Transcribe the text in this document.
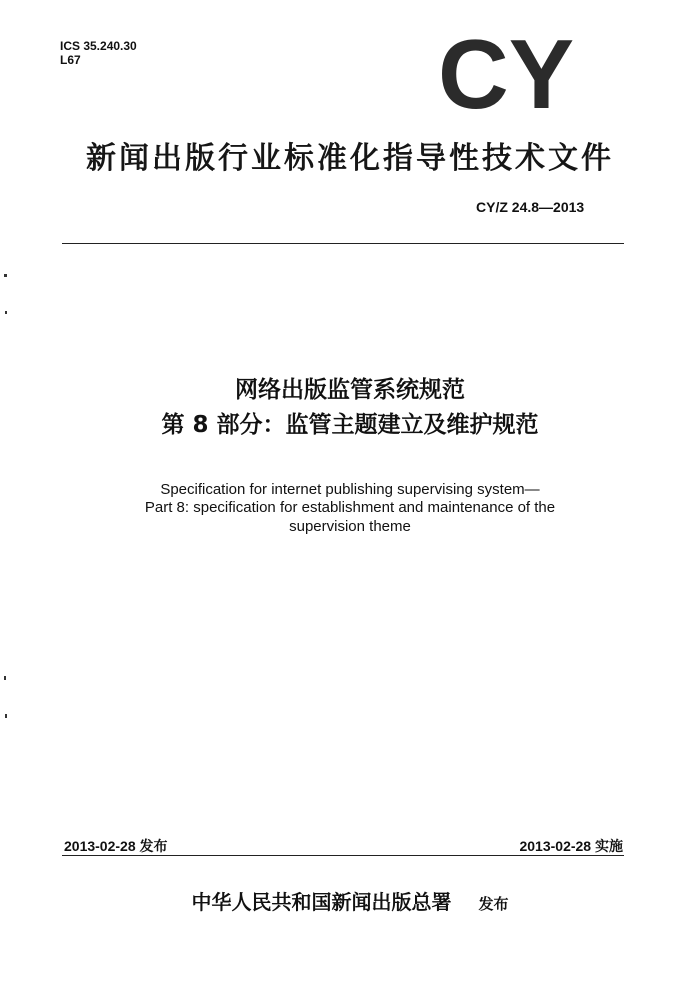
ICS 35.240.30
L67	CY
新闻出版行业标准化指导性技术文件
CY/Z 24.8—2013
网络出版监管系统规范
第 8 部分：监管主题建立及维护规范
Specification for internet publishing supervising system—
Part 8: specification for establishment and maintenance of the
supervision theme
2013-02-28 发布	2013-02-28 实施
中华人民共和国新闻出版总署 发布
